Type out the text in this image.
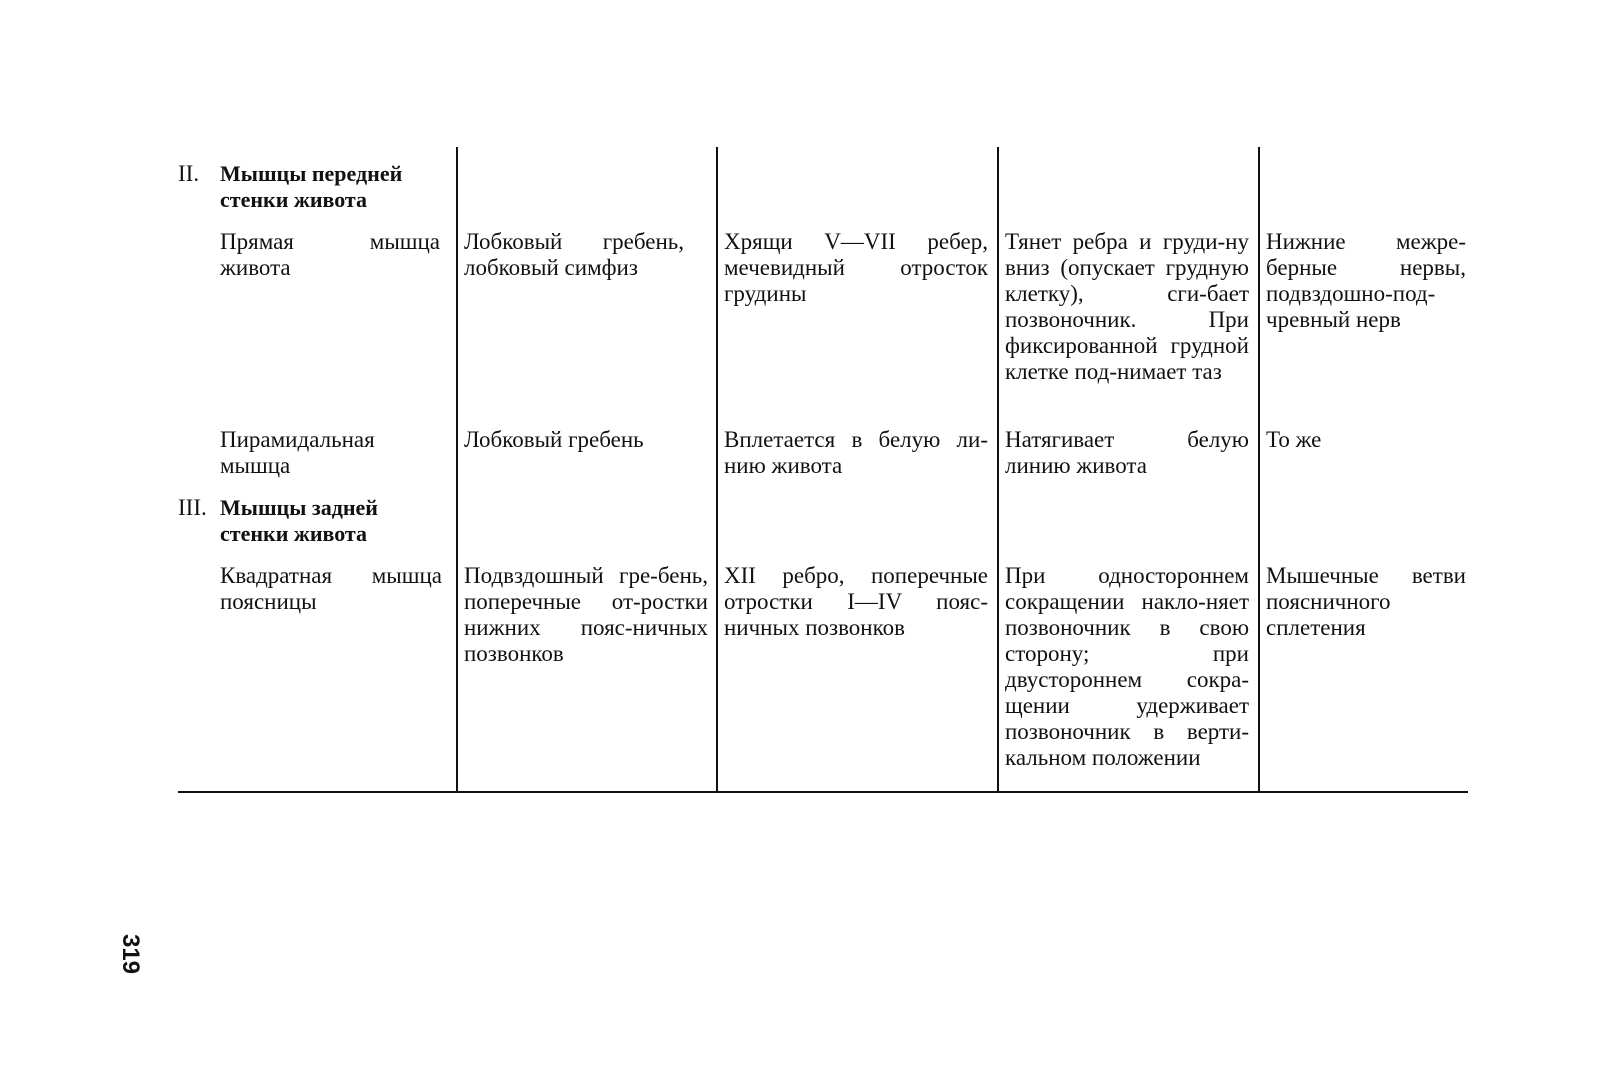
II. Мышцы передней
стенки живота
Прямая мышца живота
Лобковый гребень, лобковый симфиз
Хрящи V—VII ребер, мечевидный отросток грудины
Тянет ребра и груди-ну вниз (опускает грудную клетку), сги-бает позвоночник. При фиксированной грудной клетке под-нимает таз
Нижние межре-берные нервы, подвздошно-под-чревный нерв
Пирамидальная мышца
Лобковый гребень	Вплетается в белую ли-нию живота
Натягивает белую линию живота
То же
III. Мышцы задней
стенки живота
Квадратная мышца поясницы
Подвздошный гре-бень, поперечные от-ростки нижних пояс-ничных позвонков
XII ребро, поперечные отростки I—IV пояс-ничных позвонков
При одностороннем сокращении накло-няет позвоночник в свою сторону; при двустороннем сокра-щении удерживает позвоночник в верти-кальном положении
Мышечные ветви поясничного сплетения
319
